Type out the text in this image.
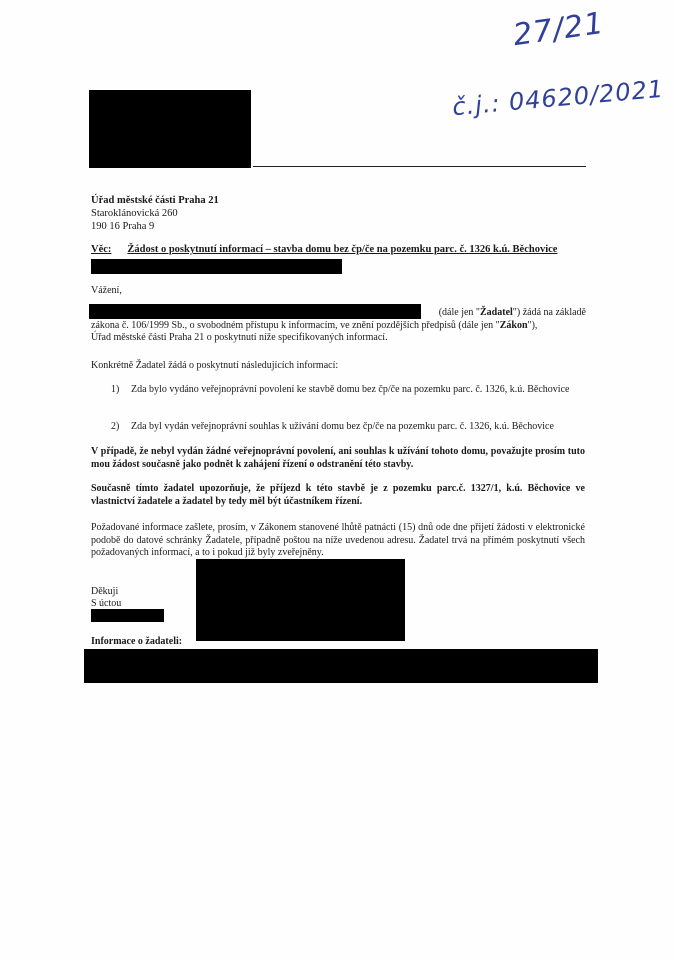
27/21
č.j.: 04620/2021
Úřad městské části Praha 21
Staroklánovická 260
190 16 Praha 9
Věc: Žádost o poskytnutí informací – stavba domu bez čp/če na pozemku parc. č. 1326 k.ú. Běchovice
Vážení,
(dále jen "Žadatel") žádá na základě
zákona č. 106/1999 Sb., o svobodném přístupu k informacím, ve znění pozdějších předpisů (dále jen "Zákon"),
Úřad městské části Praha 21 o poskytnutí níže specifikovaných informací.
Konkrétně Žadatel žádá o poskytnutí následujících informací:
1) Zda bylo vydáno veřejnoprávní povolení ke stavbě domu bez čp/če na pozemku parc. č. 1326, k.ú. Běchovice
2) Zda byl vydán veřejnoprávní souhlas k užívání domu bez čp/če na pozemku parc. č. 1326, k.ú. Běchovice
V případě, že nebyl vydán žádné veřejnoprávní povolení, ani souhlas k užívání tohoto domu, považujte prosím tuto mou žádost současně jako podnět k zahájení řízení o odstranění této stavby.
Současně tímto žadatel upozorňuje, že příjezd k této stavbě je z pozemku parc.č. 1327/1, k.ú. Běchovice ve vlastnictví žadatele a žadatel by tedy měl být účastníkem řízení.
Požadované informace zašlete, prosím, v Zákonem stanovené lhůtě patnácti (15) dnů ode dne přijetí žádosti v elektronické podobě do datové schránky Žadatele, případně poštou na níže uvedenou adresu. Žadatel trvá na přímém poskytnutí všech požadovaných informací, a to i pokud již byly zveřejněny.
Děkuji
S úctou
Informace o žadateli:
